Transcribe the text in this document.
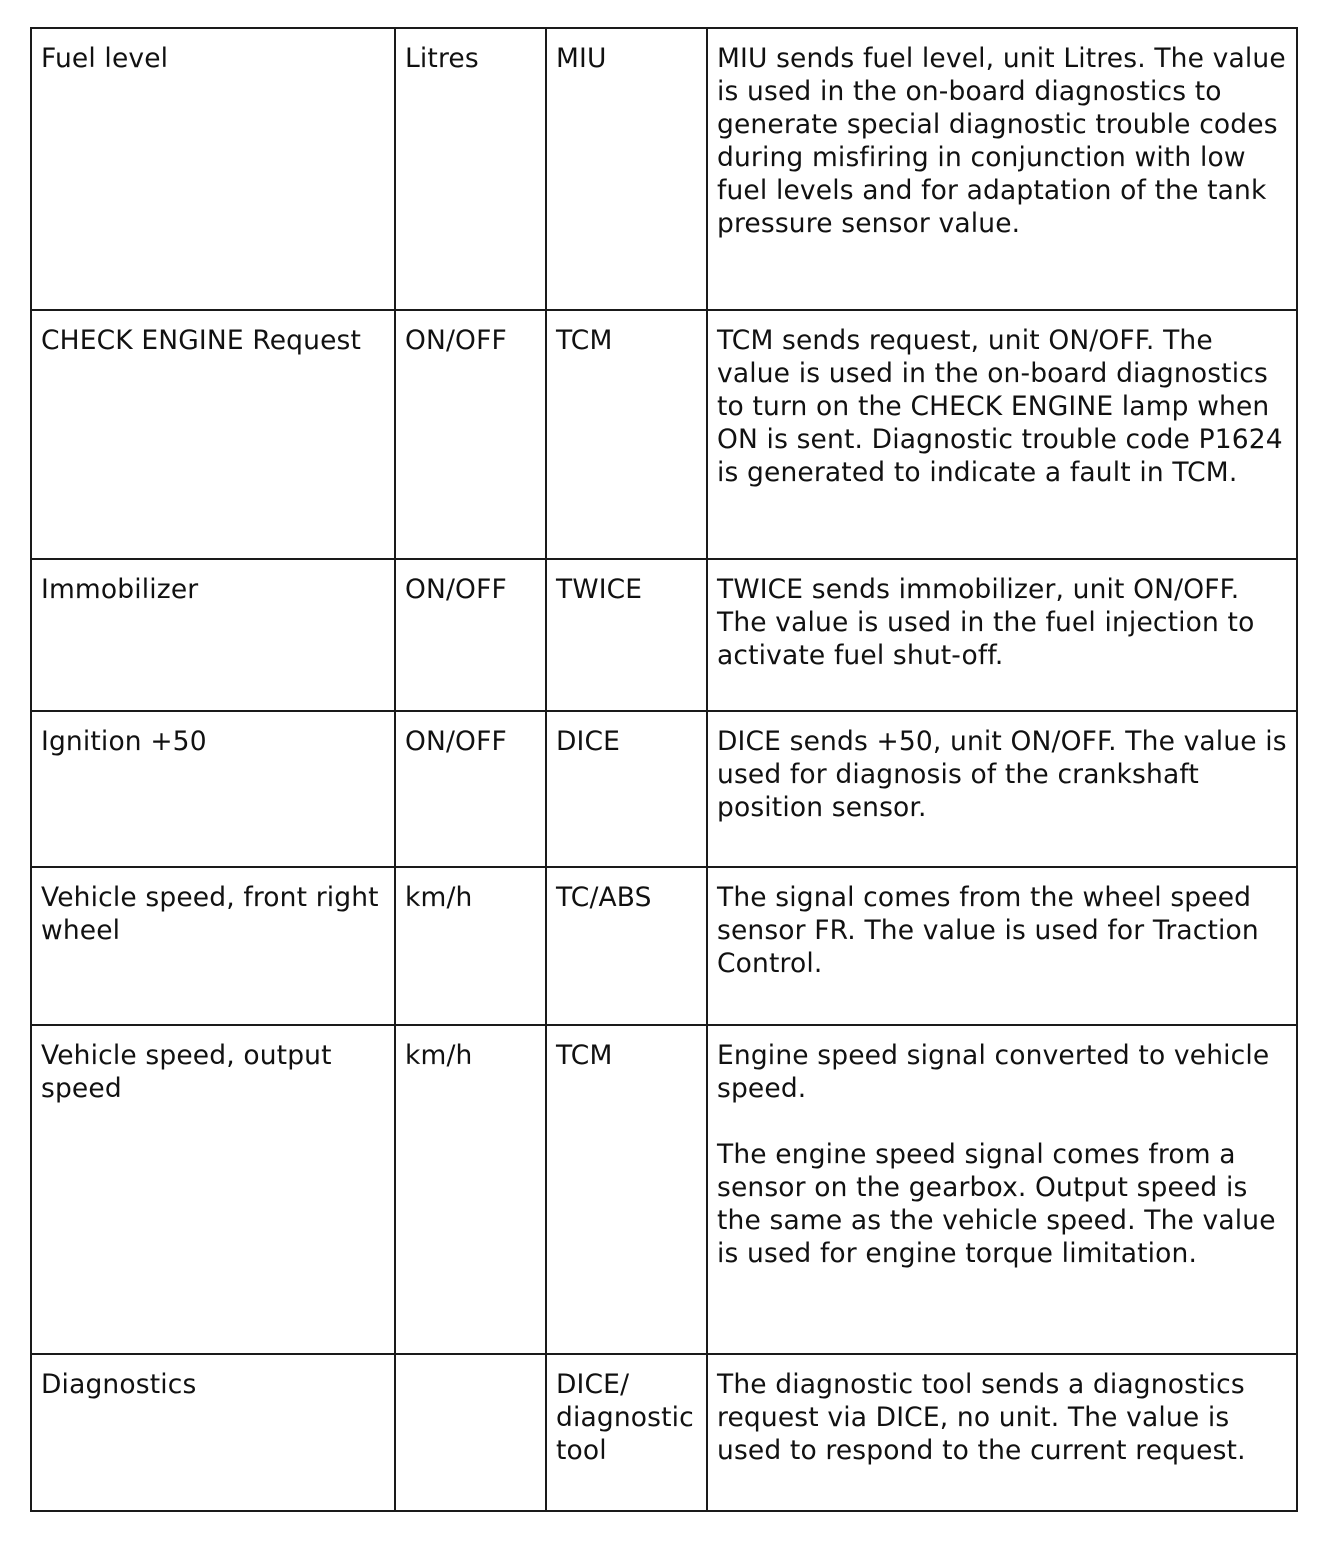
Fuel level	Litres	MIU	MIU sends fuel level, unit Litres. The value is used in the on-board diagnostics to generate special diagnostic trouble codes during misfiring in conjunction with low fuel levels and for adaptation of the tank pressure sensor value.

CHECK ENGINE Request	ON/OFF	TCM	TCM sends request, unit ON/OFF. The value is used in the on-board diagnostics to turn on the CHECK ENGINE lamp when ON is sent. Diagnostic trouble code P1624 is generated to indicate a fault in TCM.

Immobilizer	ON/OFF	TWICE	TWICE sends immobilizer, unit ON/OFF. The value is used in the fuel injection to activate fuel shut-off.

Ignition +50	ON/OFF	DICE	DICE sends +50, unit ON/OFF. The value is used for diagnosis of the crankshaft position sensor.

Vehicle speed, front right wheel	km/h	TC/ABS	The signal comes from the wheel speed sensor FR. The value is used for Traction Control.

Vehicle speed, output speed	km/h	TCM	Engine speed signal converted to vehicle speed.
The engine speed signal comes from a sensor on the gearbox. Output speed is the same as the vehicle speed. The value is used for engine torque limitation.

Diagnostics		DICE/ diagnostic tool	The diagnostic tool sends a diagnostics request via DICE, no unit. The value is used to respond to the current request.
